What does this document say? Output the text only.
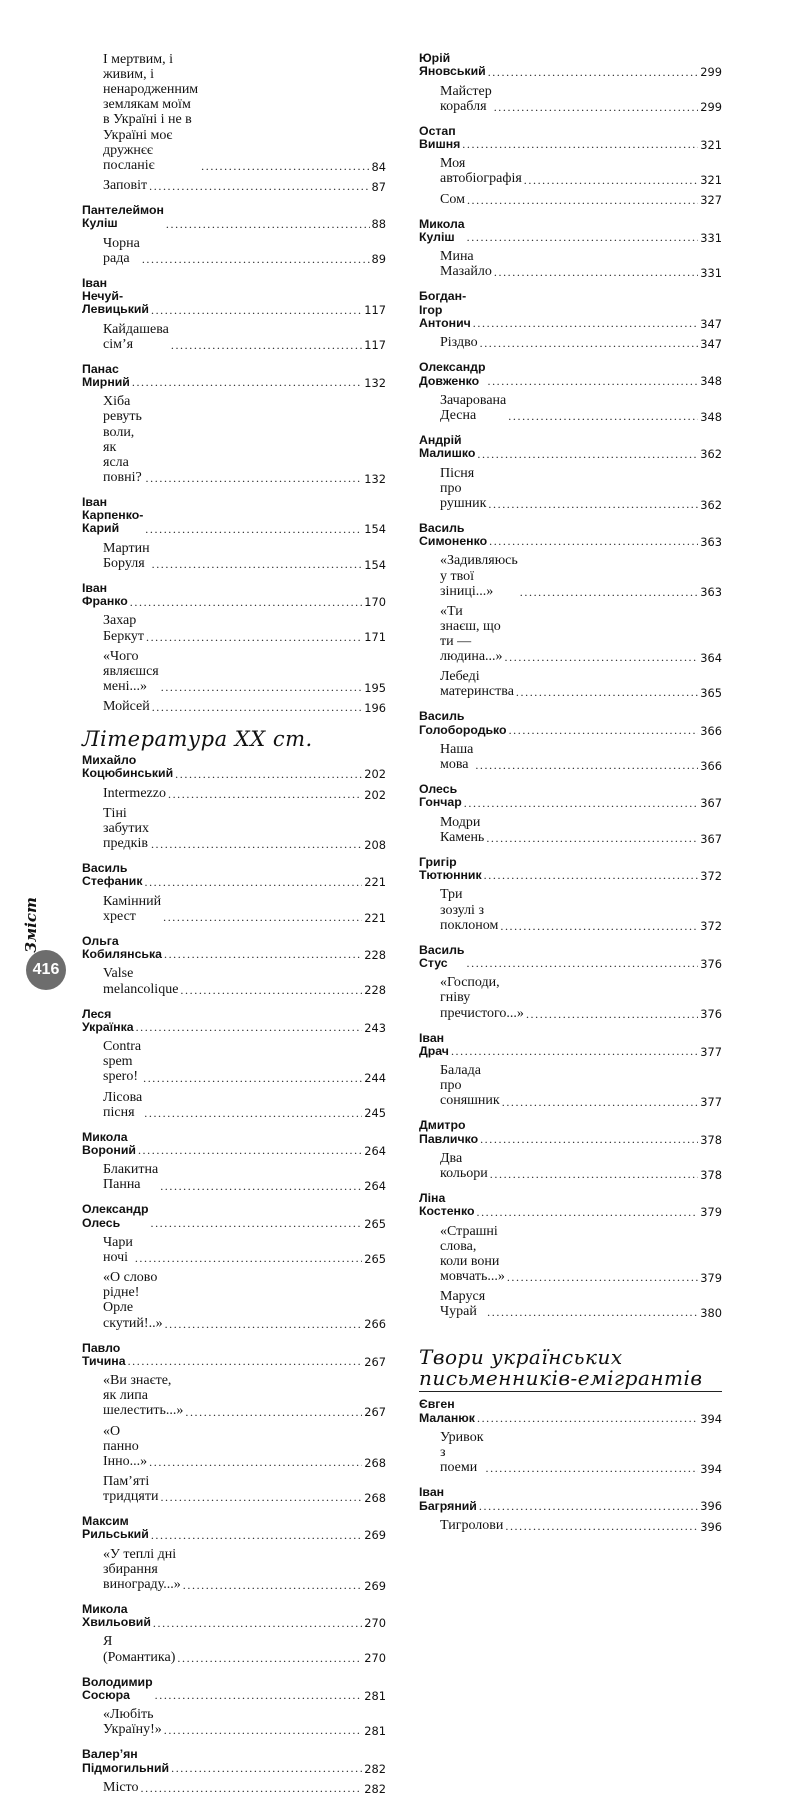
І мертвим, і живим, і ненародженним землякам моїм в Україні і не в Україні моє дружнєє посланіє .....	84
Заповіт .....	87
Пантелеймон Куліш .....	88
Чорна рада .....	89
Іван Нечуй-Левицький .....	117
Кайдашева сім’я .....	117
Панас Мирний .....	132
Хіба ревуть воли, як ясла повні? .....	132
Іван Карпенко-Карий .....	154
Мартин Боруля .....	154
Іван Франко .....	170
Захар Беркут .....	171
«Чого являєшся мені...» .....	195
Мойсей .....	196
Література XX ст.
Михайло Коцюбинський .....	202
Intermezzo .....	202
Тіні забутих предків .....	208
Василь Стефаник .....	221
Камінний хрест .....	221
Ольга Кобилянська .....	228
Valse melancolique .....	228
Леся Українка .....	243
Contra spem spero! .....	244
Лісова пісня .....	245
Микола Вороний .....	264
Блакитна Панна .....	264
Олександр Олесь .....	265
Чари ночі .....	265
«О слово рідне! Орле скутий!..» .....	266
Павло Тичина .....	267
«Ви знаєте, як липа шелестить...» .....	267
«О панно Інно...» .....	268
Пам’яті тридцяти .....	268
Максим Рильський .....	269
«У теплі дні збирання винограду...» .....	269
Микола Хвильовий .....	270
Я (Романтика) .....	270
Володимир Сосюра .....	281
«Любіть Україну!» .....	281
Валер’ян Підмогильний .....	282
Місто .....	282
Юрій Яновський .....	299
Майстер корабля .....	299
Остап Вишня .....	321
Моя автобіографія .....	321
Сом .....	327
Микола Куліш .....	331
Мина Мазайло .....	331
Богдан-Ігор Антонич .....	347
Різдво .....	347
Олександр Довженко .....	348
Зачарована Десна .....	348
Андрій Малишко .....	362
Пісня про рушник .....	362
Василь Симоненко .....	363
«Задивляюсь у твої зіниці...» .....	363
«Ти знаєш, що ти — людина...» .....	364
Лебеді материнства .....	365
Василь Голобородько .....	366
Наша мова .....	366
Олесь Гончар .....	367
Модри Камень .....	367
Григір Тютюнник .....	372
Три зозулі з поклоном .....	372
Василь Стус .....	376
«Господи, гніву пречистого...» .....	376
Іван Драч .....	377
Балада про соняшник .....	377
Дмитро Павличко .....	378
Два кольори .....	378
Ліна Костенко .....	379
«Страшні слова, коли вони мовчать...» .....	379
Маруся Чурай .....	380
Твори українських письменників-емігрантів
Євген Маланюк .....	394
Уривок з поеми .....	394
Іван Багряний .....	396
Тигролови .....	396
416
Зміст
